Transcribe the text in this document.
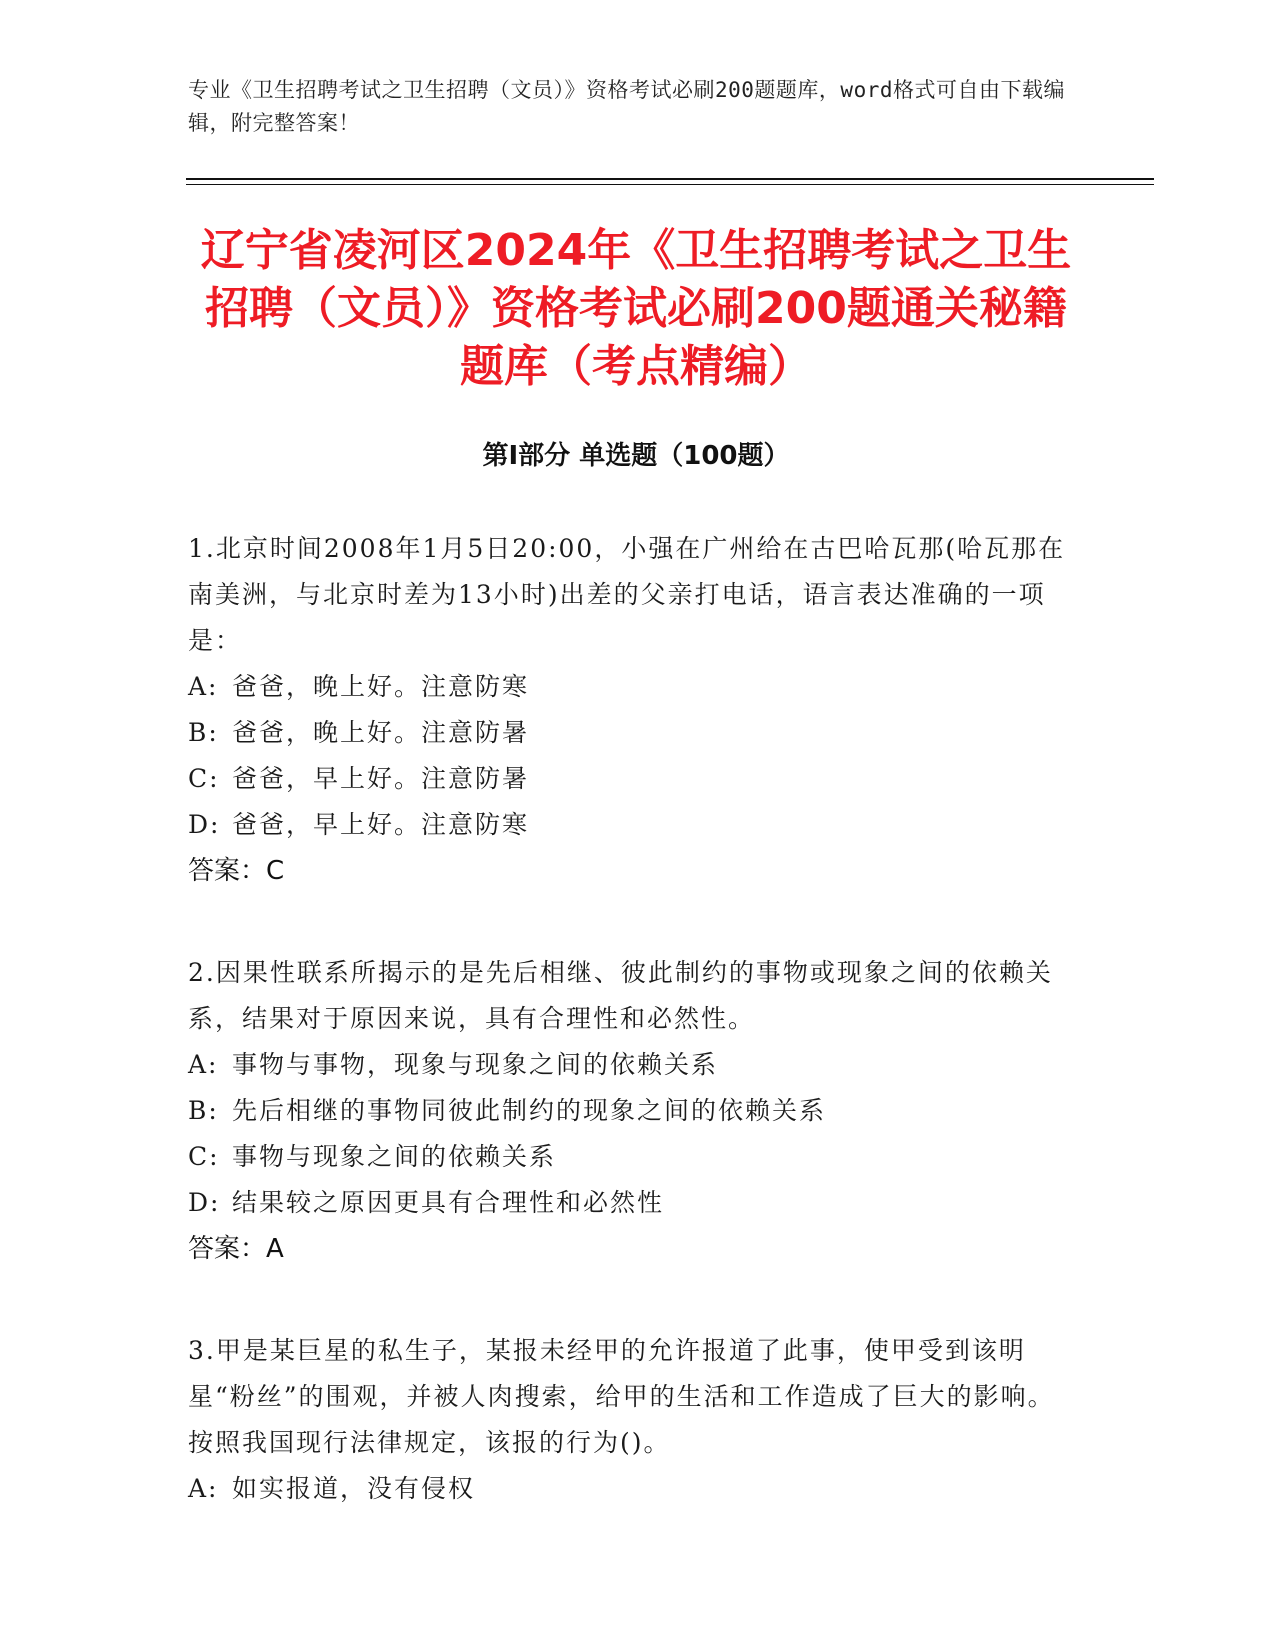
专业《卫生招聘考试之卫生招聘（文员）》资格考试必刷200题题库，word格式可自由下载编辑，附完整答案！
辽宁省凌河区2024年《卫生招聘考试之卫生招聘（文员）》资格考试必刷200题通关秘籍题库（考点精编）
第Ⅰ部分 单选题（100题）

1.北京时间2008年1月5日20:00，小强在广州给在古巴哈瓦那(哈瓦那在南美洲，与北京时差为13小时)出差的父亲打电话，语言表达准确的一项是：

A: 爸爸，晚上好。注意防寒

B: 爸爸，晚上好。注意防暑

C: 爸爸，早上好。注意防暑

D: 爸爸，早上好。注意防寒

答案：C

2.因果性联系所揭示的是先后相继、彼此制约的事物或现象之间的依赖关系，结果对于原因来说，具有合理性和必然性。

A: 事物与事物，现象与现象之间的依赖关系

B: 先后相继的事物同彼此制约的现象之间的依赖关系

C: 事物与现象之间的依赖关系

D: 结果较之原因更具有合理性和必然性

答案：A

3.甲是某巨星的私生子，某报未经甲的允许报道了此事，使甲受到该明星“粉丝”的围观，并被人肉搜索，给甲的生活和工作造成了巨大的影响。按照我国现行法律规定，该报的行为()。

A: 如实报道，没有侵权
